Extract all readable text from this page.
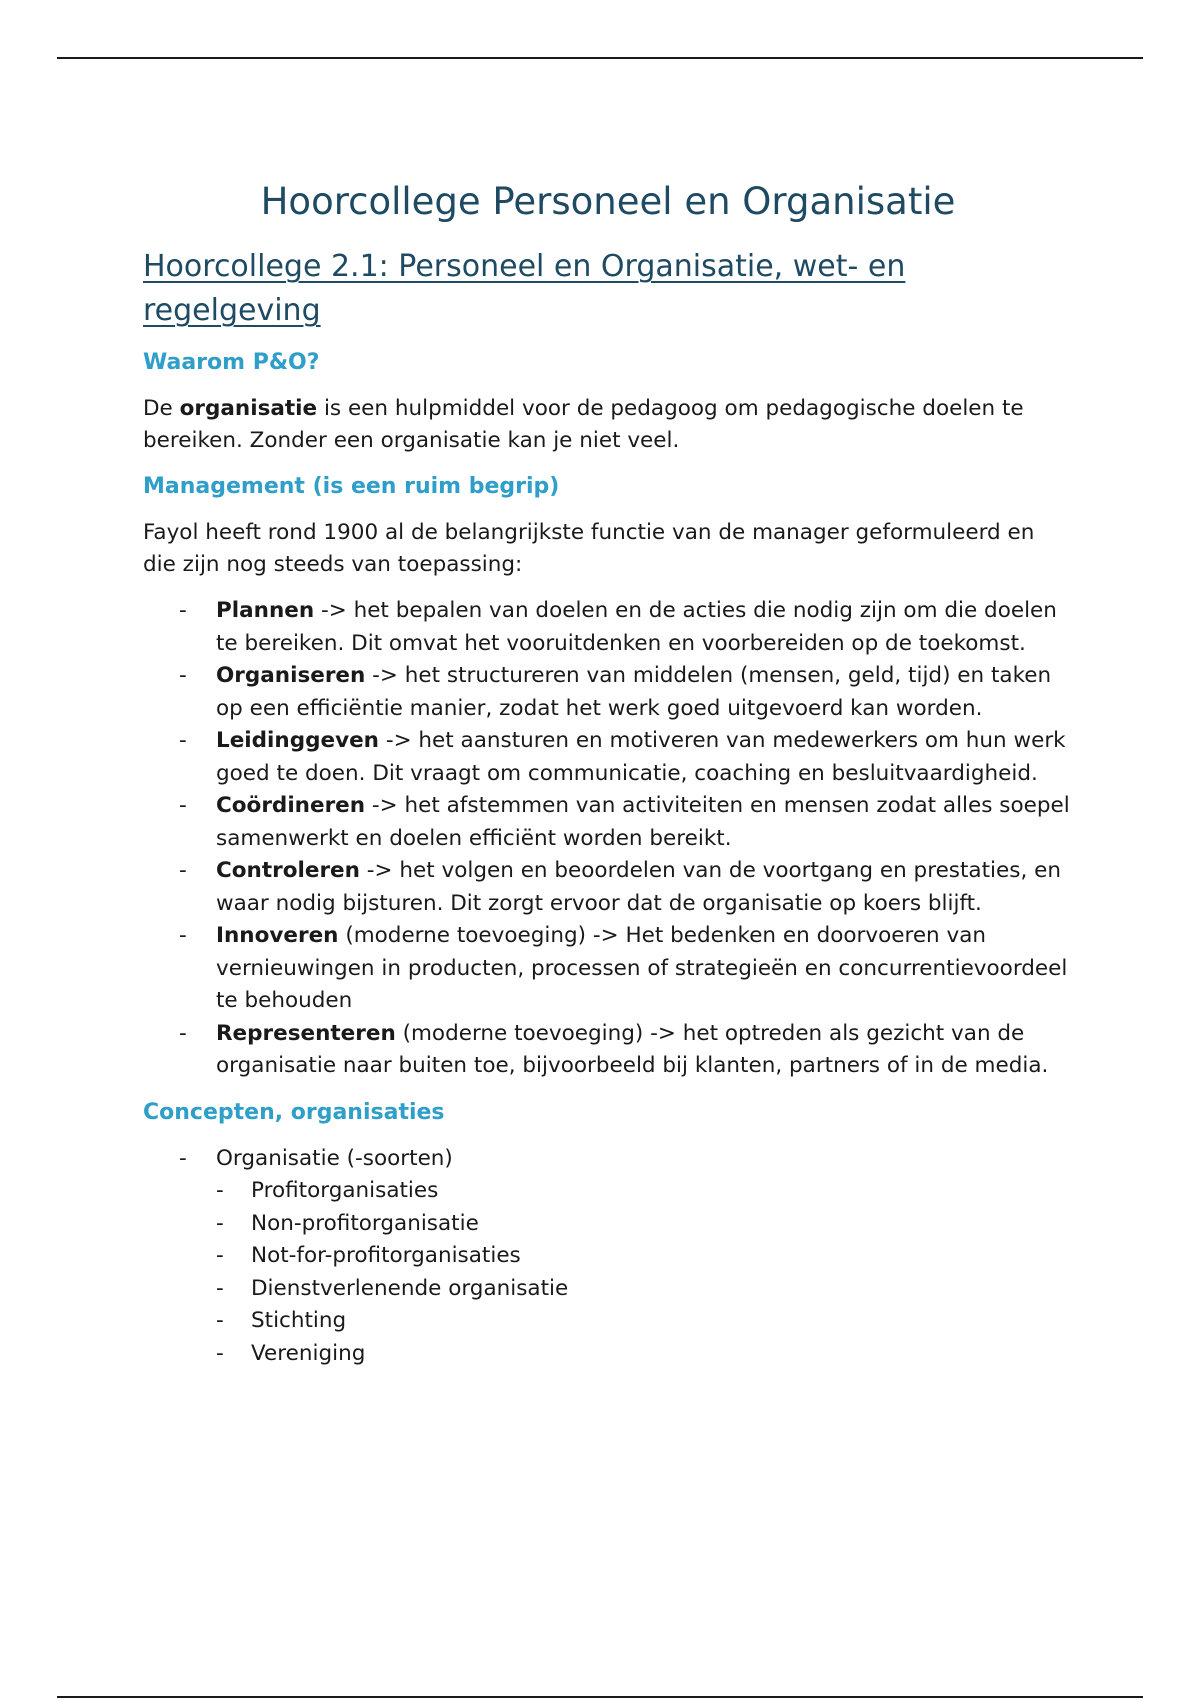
Hoorcollege Personeel en Organisatie
Hoorcollege 2.1: Personeel en Organisatie, wet- en regelgeving
Waarom P&O?

De organisatie is een hulpmiddel voor de pedagoog om pedagogische doelen te bereiken. Zonder een organisatie kan je niet veel.

Management (is een ruim begrip)

Fayol heeft rond 1900 al de belangrijkste functie van de manager geformuleerd en die zijn nog steeds van toepassing:

- Plannen -> het bepalen van doelen en de acties die nodig zijn om die doelen te bereiken. Dit omvat het vooruitdenken en voorbereiden op de toekomst.
- Organiseren -> het structureren van middelen (mensen, geld, tijd) en taken op een efficiëntie manier, zodat het werk goed uitgevoerd kan worden.
- Leidinggeven -> het aansturen en motiveren van medewerkers om hun werk goed te doen. Dit vraagt om communicatie, coaching en besluitvaardigheid.
- Coördineren -> het afstemmen van activiteiten en mensen zodat alles soepel samenwerkt en doelen efficiënt worden bereikt.
- Controleren -> het volgen en beoordelen van de voortgang en prestaties, en waar nodig bijsturen. Dit zorgt ervoor dat de organisatie op koers blijft.
- Innoveren (moderne toevoeging) -> Het bedenken en doorvoeren van vernieuwingen in producten, processen of strategieën en concurrentievoordeel te behouden
- Representeren (moderne toevoeging) -> het optreden als gezicht van de organisatie naar buiten toe, bijvoorbeeld bij klanten, partners of in de media.
Concepten, organisaties
- Organisatie (-soorten)
- Profitorganisaties
- Non-profitorganisatie
- Not-for-profitorganisaties
- Dienstverlenende organisatie
- Stichting
- Vereniging
